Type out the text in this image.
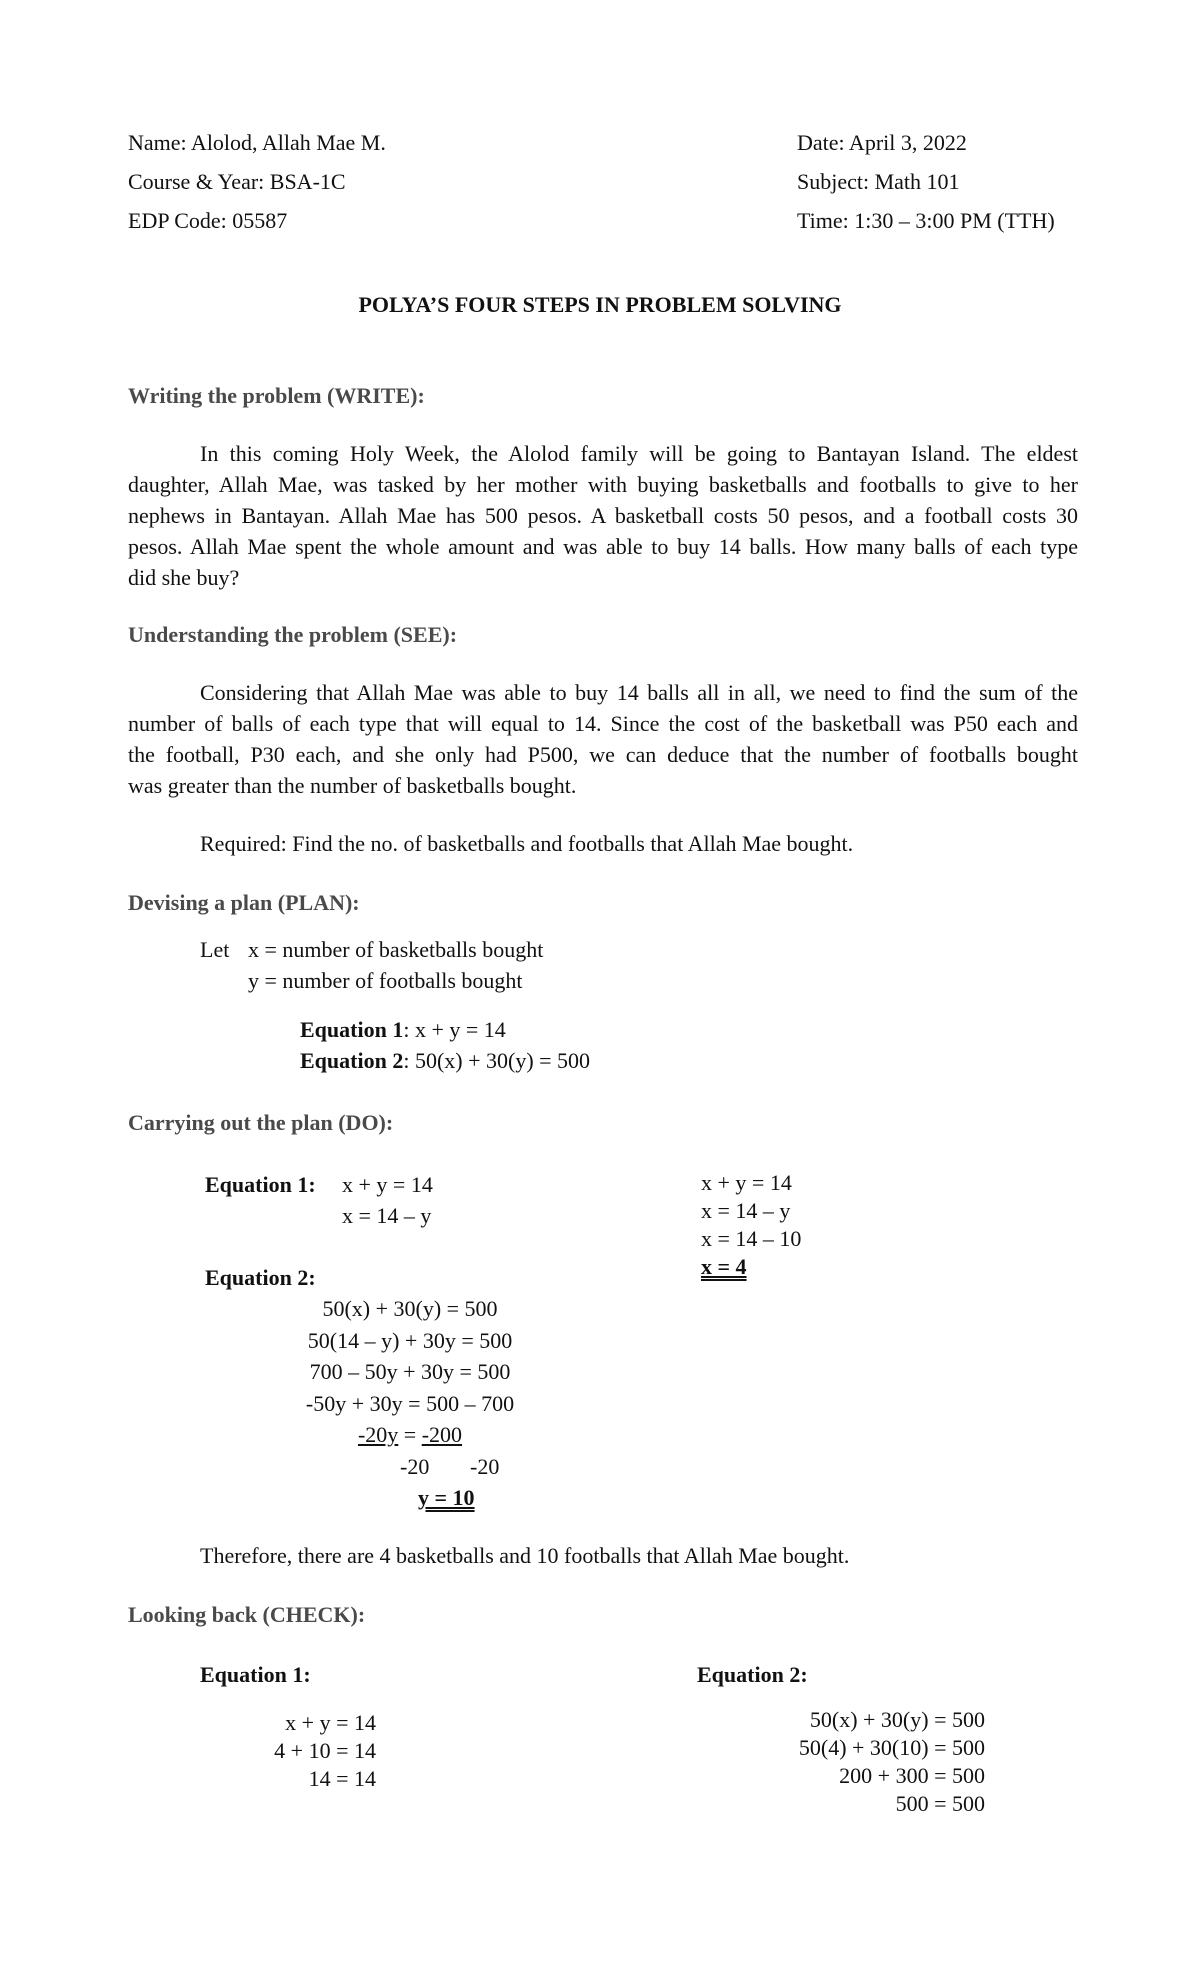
Name: Alolod, Allah Mae M.
Course & Year: BSA-1C
EDP Code: 05587
Date: April 3, 2022
Subject: Math 101
Time: 1:30 – 3:00 PM (TTH)
POLYA’S FOUR STEPS IN PROBLEM SOLVING
Writing the problem (WRITE):
In this coming Holy Week, the Alolod family will be going to Bantayan Island. The eldest
daughter, Allah Mae, was tasked by her mother with buying basketballs and footballs to give to her
nephews in Bantayan. Allah Mae has 500 pesos. A basketball costs 50 pesos, and a football costs 30
pesos. Allah Mae spent the whole amount and was able to buy 14 balls. How many balls of each type
did she buy?
Understanding the problem (SEE):
Considering that Allah Mae was able to buy 14 balls all in all, we need to find the sum of the
number of balls of each type that will equal to 14. Since the cost of the basketball was P50 each and
the football, P30 each, and she only had P500, we can deduce that the number of footballs bought
was greater than the number of basketballs bought.
Required: Find the no. of basketballs and footballs that Allah Mae bought.
Devising a plan (PLAN):
Let x = number of basketballs bought
y = number of footballs bought
Equation 1: x + y = 14
Equation 2: 50(x) + 30(y) = 500
Carrying out the plan (DO):
Equation 1: x + y = 14
x = 14 – y
Equation 2:
50(x) + 30(y) = 500
50(14 – y) + 30y = 500
700 – 50y + 30y = 500
-50y + 30y = 500 – 700
-20y = -200
-20 -20
y = 10
x + y = 14
x = 14 – y
x = 14 – 10
x = 4
Therefore, there are 4 basketballs and 10 footballs that Allah Mae bought.
Looking back (CHECK):
Equation 1:
x + y = 14
4 + 10 = 14
14 = 14
Equation 2:
50(x) + 30(y) = 500
50(4) + 30(10) = 500
200 + 300 = 500
500 = 500
